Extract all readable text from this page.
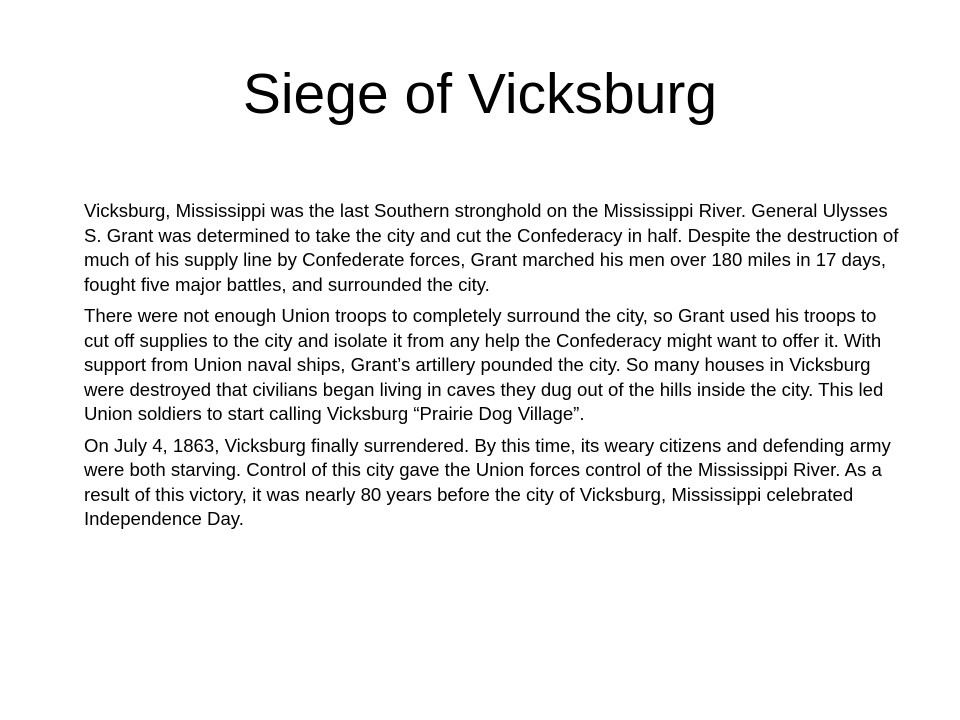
Siege of Vicksburg

Vicksburg, Mississippi was the last Southern stronghold on the Mississippi River. General Ulysses S. Grant was determined to take the city and cut the Confederacy in half. Despite the destruction of much of his supply line by Confederate forces, Grant marched his men over 180 miles in 17 days, fought five major battles, and surrounded the city.

There were not enough Union troops to completely surround the city, so Grant used his troops to cut off supplies to the city and isolate it from any help the Confederacy might want to offer it. With support from Union naval ships, Grant’s artillery pounded the city. So many houses in Vicksburg were destroyed that civilians began living in caves they dug out of the hills inside the city. This led Union soldiers to start calling Vicksburg “Prairie Dog Village”.

On July 4, 1863, Vicksburg finally surrendered. By this time, its weary citizens and defending army were both starving. Control of this city gave the Union forces control of the Mississippi River. As a result of this victory, it was nearly 80 years before the city of Vicksburg, Mississippi celebrated Independence Day.
